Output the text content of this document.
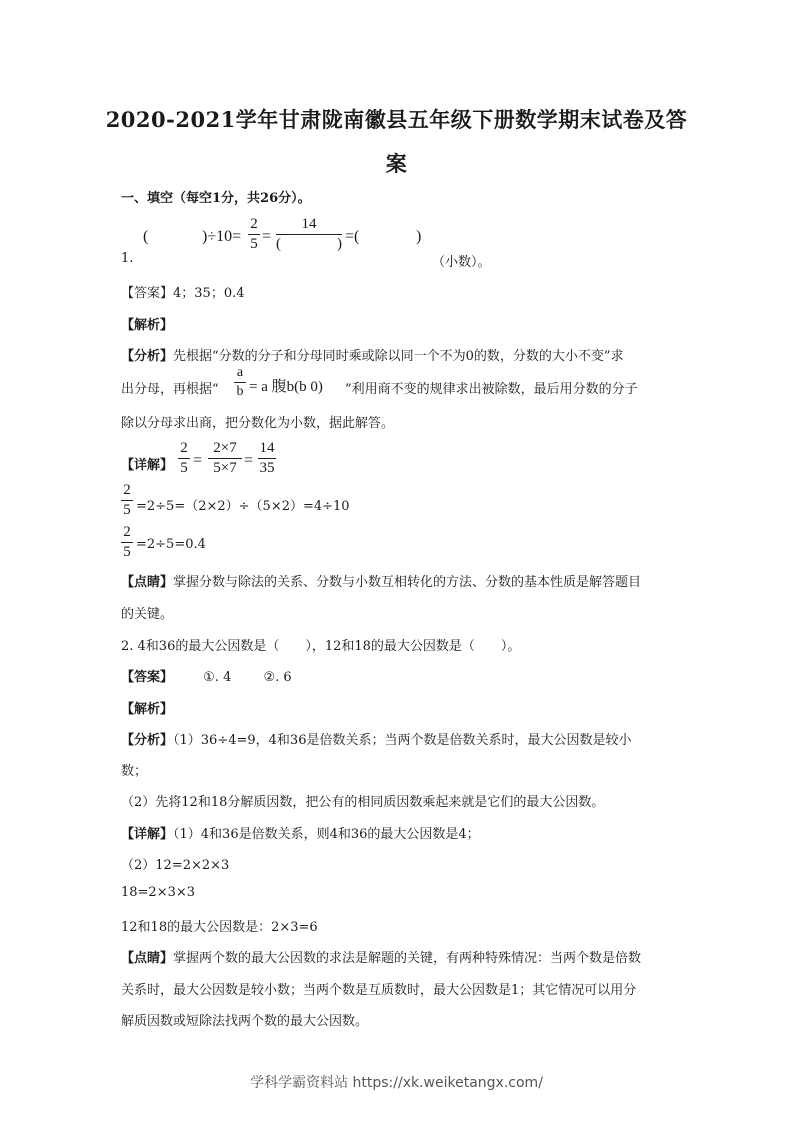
2020-2021学年甘肃陇南徽县五年级下册数学期末试卷及答
案
一、填空（每空1分，共26分）。
(	)÷10=
2
5 =
14
(	) =(	)
1.	（小数）。
【答案】4；35；0.4
【解析】
【分析】先根据“分数的分子和分母同时乘或除以同一个不为0的数，分数的大小不变”求
出分母，再根据“
a
b = a 腹b(b 0) ”利用商不变的规律求出被除数，最后用分数的分子
除以分母求出商，把分数化为小数，据此解答。
【详解】
2
5 =
2×7
5×7 =
14
35
2
5 =2÷5=（2×2）÷（5×2）=4÷10
2
5 =2÷5=0.4
【点睛】掌握分数与除法的关系、分数与小数互相转化的方法、分数的基本性质是解答题目
的关键。
2. 4和36的最大公因数是（　　），12和18的最大公因数是（　　）。
【答案】 ①. 4 ②. 6
【解析】
【分析】（1）36÷4=9，4和36是倍数关系；当两个数是倍数关系时，最大公因数是较小
数；
（2）先将12和18分解质因数，把公有的相同质因数乘起来就是它们的最大公因数。
【详解】（1）4和36是倍数关系，则4和36的最大公因数是4；
（2）12=2×2×3
18=2×3×3
12和18的最大公因数是：2×3=6
【点睛】掌握两个数的最大公因数的求法是解题的关键，有两种特殊情况：当两个数是倍数
关系时，最大公因数是较小数；当两个数是互质数时，最大公因数是1；其它情况可以用分
解质因数或短除法找两个数的最大公因数。
学科学霸资料站 https://xk.weiketangx.com/
